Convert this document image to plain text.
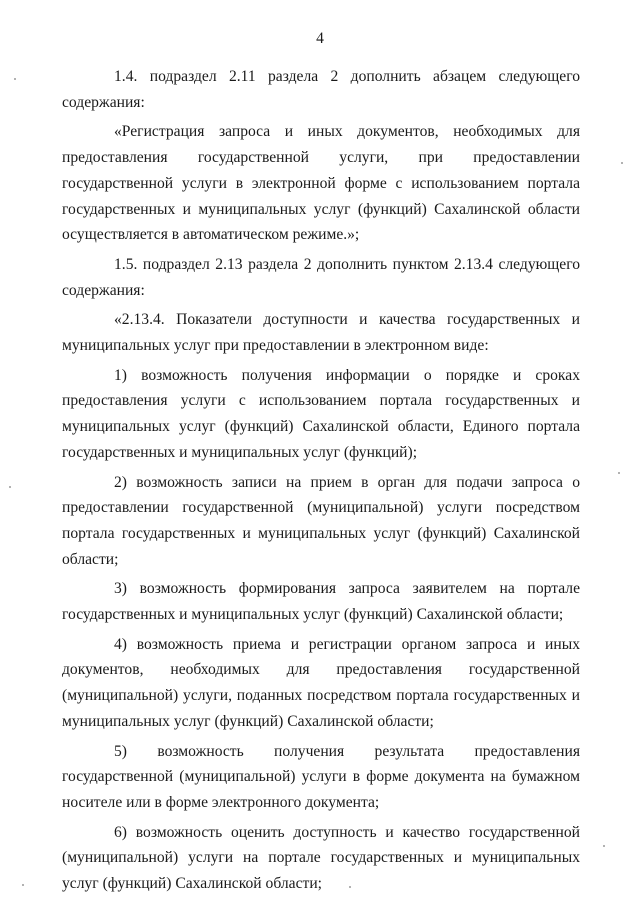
4

1.4. подраздел 2.11 раздела 2 дополнить абзацем следующего содержания:

«Регистрация запроса и иных документов, необходимых для предоставления государственной услуги, при предоставлении государственной услуги в электронной форме с использованием портала государственных и муниципальных услуг (функций) Сахалинской области осуществляется в автоматическом режиме.»;

1.5. подраздел 2.13 раздела 2 дополнить пунктом 2.13.4 следующего содержания:

«2.13.4. Показатели доступности и качества государственных и муниципальных услуг при предоставлении в электронном виде:

1) возможность получения информации о порядке и сроках предоставления услуги с использованием портала государственных и муниципальных услуг (функций) Сахалинской области, Единого портала государственных и муниципальных услуг (функций);

2) возможность записи на прием в орган для подачи запроса о предоставлении государственной (муниципальной) услуги посредством портала государственных и муниципальных услуг (функций) Сахалинской области;

3) возможность формирования запроса заявителем на портале государственных и муниципальных услуг (функций) Сахалинской области;

4) возможность приема и регистрации органом запроса и иных документов, необходимых для предоставления государственной (муниципальной) услуги, поданных посредством портала государственных и муниципальных услуг (функций) Сахалинской области;

5) возможность получения результата предоставления государственной (муниципальной) услуги в форме документа на бумажном носителе или в форме электронного документа;

6) возможность оценить доступность и качество государственной (муниципальной) услуги на портале государственных и муниципальных услуг (функций) Сахалинской области;
